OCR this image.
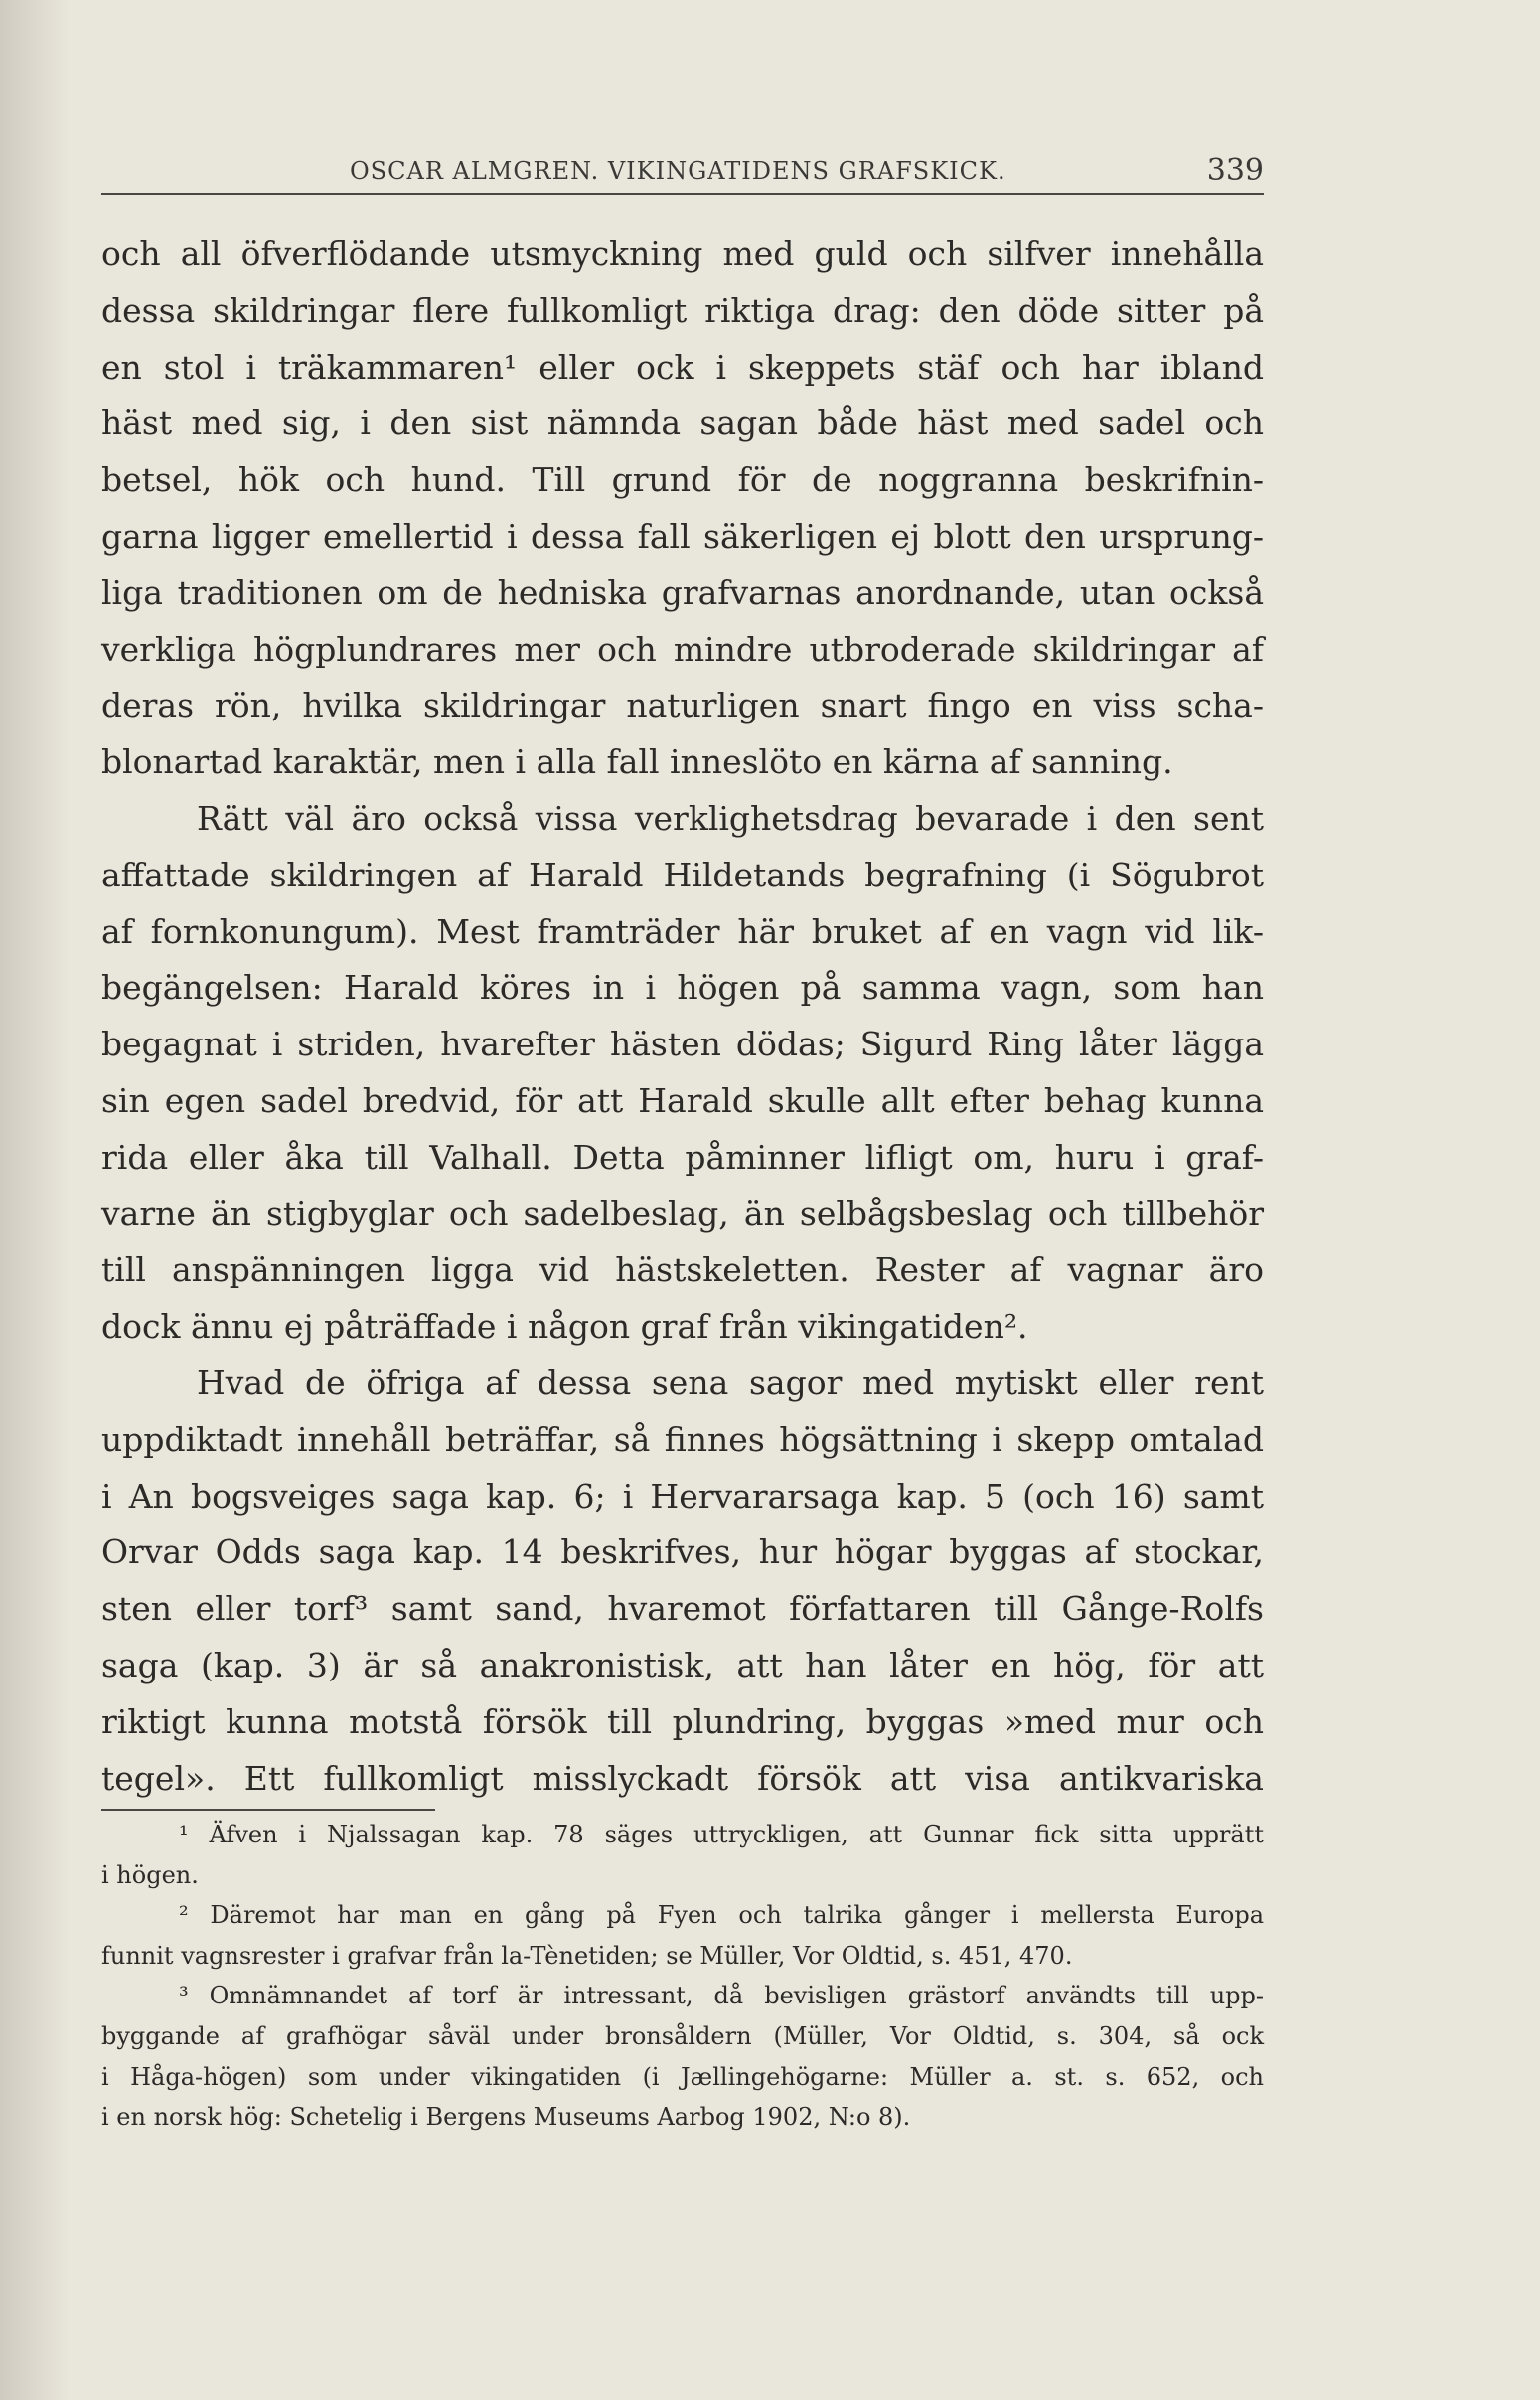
OSCAR ALMGREN. VIKINGATIDENS GRAFSKICK.	339
och all öfverflödande utsmyckning med guld och silfver innehålla
dessa skildringar flere fullkomligt riktiga drag: den döde sitter på
en stol i träkammaren¹ eller ock i skeppets stäf och har ibland
häst med sig, i den sist nämnda sagan både häst med sadel och
betsel, hök och hund. Till grund för de noggranna beskrifnin-
garna ligger emellertid i dessa fall säkerligen ej blott den ursprung-
liga traditionen om de hedniska grafvarnas anordnande, utan också
verkliga högplundrares mer och mindre utbroderade skildringar af
deras rön, hvilka skildringar naturligen snart fingo en viss scha-
blonartad karaktär, men i alla fall inneslöto en kärna af sanning.
Rätt väl äro också vissa verklighetsdrag bevarade i den sent
affattade skildringen af Harald Hildetands begrafning (i Sögubrot
af fornkonungum). Mest framträder här bruket af en vagn vid lik-
begängelsen: Harald köres in i högen på samma vagn, som han
begagnat i striden, hvarefter hästen dödas; Sigurd Ring låter lägga
sin egen sadel bredvid, för att Harald skulle allt efter behag kunna
rida eller åka till Valhall. Detta påminner lifligt om, huru i graf-
varne än stigbyglar och sadelbeslag, än selbågsbeslag och tillbehör
till anspänningen ligga vid hästskeletten. Rester af vagnar äro
dock ännu ej påträffade i någon graf från vikingatiden².
Hvad de öfriga af dessa sena sagor med mytiskt eller rent
uppdiktadt innehåll beträffar, så finnes högsättning i skepp omtalad
i An bogsveiges saga kap. 6; i Hervararsaga kap. 5 (och 16) samt
Orvar Odds saga kap. 14 beskrifves, hur högar byggas af stockar,
sten eller torf³ samt sand, hvaremot författaren till Gånge-Rolfs
saga (kap. 3) är så anakronistisk, att han låter en hög, för att
riktigt kunna motstå försök till plundring, byggas »med mur och
tegel». Ett fullkomligt misslyckadt försök att visa antikvariska
¹ Äfven i Njalssagan kap. 78 säges uttryckligen, att Gunnar fick sitta upprätt
i högen.
² Däremot har man en gång på Fyen och talrika gånger i mellersta Europa
funnit vagnsrester i grafvar från la-Tènetiden; se Müller, Vor Oldtid, s. 451, 470.
³ Omnämnandet af torf är intressant, då bevisligen grästorf användts till upp-
byggande af grafhögar såväl under bronsåldern (Müller, Vor Oldtid, s. 304, så ock
i Håga-högen) som under vikingatiden (i Jællingehögarne: Müller a. st. s. 652, och
i en norsk hög: Schetelig i Bergens Museums Aarbog 1902, N:o 8).
